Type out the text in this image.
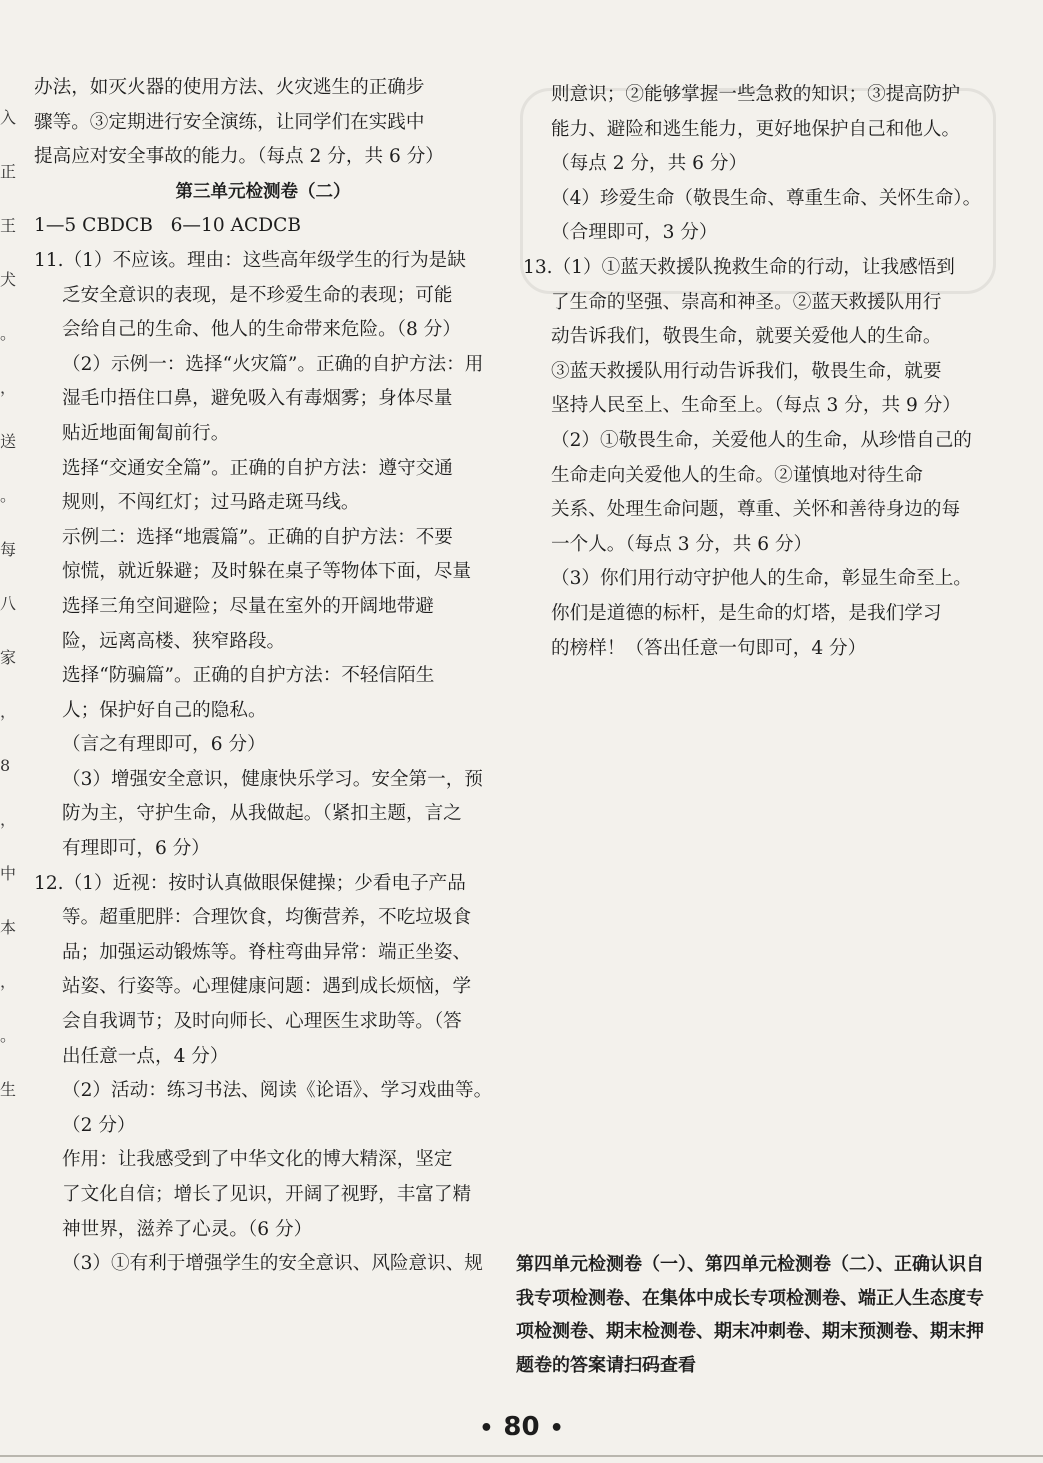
入
正
王
犬
。
，
送
。
每
八
家
，
8
，
中
本
，
。
生
办法，如灭火器的使用方法、火灾逃生的正确步
骤等。③定期进行安全演练，让同学们在实践中
提高应对安全事故的能力。（每点 2 分，共 6 分）
第三单元检测卷（二）
1—5 CBDCB   6—10 ACDCB
11.（1）不应该。理由：这些高年级学生的行为是缺
乏安全意识的表现，是不珍爱生命的表现；可能
会给自己的生命、他人的生命带来危险。（8 分）
（2）示例一：选择“火灾篇”。正确的自护方法：用
湿毛巾捂住口鼻，避免吸入有毒烟雾；身体尽量
贴近地面匍匐前行。
选择“交通安全篇”。正确的自护方法：遵守交通
规则，不闯红灯；过马路走斑马线。
示例二：选择“地震篇”。正确的自护方法：不要
惊慌，就近躲避；及时躲在桌子等物体下面，尽量
选择三角空间避险；尽量在室外的开阔地带避
险，远离高楼、狭窄路段。
选择“防骗篇”。正确的自护方法：不轻信陌生
人；保护好自己的隐私。
（言之有理即可，6 分）
（3）增强安全意识，健康快乐学习。安全第一，预
防为主，守护生命，从我做起。（紧扣主题，言之
有理即可，6 分）
12.（1）近视：按时认真做眼保健操；少看电子产品
等。超重肥胖：合理饮食，均衡营养，不吃垃圾食
品；加强运动锻炼等。脊柱弯曲异常：端正坐姿、
站姿、行姿等。心理健康问题：遇到成长烦恼，学
会自我调节；及时向师长、心理医生求助等。（答
出任意一点，4 分）
（2）活动：练习书法、阅读《论语》、学习戏曲等。
（2 分）
作用：让我感受到了中华文化的博大精深，坚定
了文化自信；增长了见识，开阔了视野，丰富了精
神世界，滋养了心灵。（6 分）
（3）①有利于增强学生的安全意识、风险意识、规
则意识；②能够掌握一些急救的知识；③提高防护
能力、避险和逃生能力，更好地保护自己和他人。
（每点 2 分，共 6 分）
（4）珍爱生命（敬畏生命、尊重生命、关怀生命）。
（合理即可，3 分）
13.（1）①蓝天救援队挽救生命的行动，让我感悟到
了生命的坚强、崇高和神圣。②蓝天救援队用行
动告诉我们，敬畏生命，就要关爱他人的生命。
③蓝天救援队用行动告诉我们，敬畏生命，就要
坚持人民至上、生命至上。（每点 3 分，共 9 分）
（2）①敬畏生命，关爱他人的生命，从珍惜自己的
生命走向关爱他人的生命。②谨慎地对待生命
关系、处理生命问题，尊重、关怀和善待身边的每
一个人。（每点 3 分，共 6 分）
（3）你们用行动守护他人的生命，彰显生命至上。
你们是道德的标杆，是生命的灯塔，是我们学习
的榜样！（答出任意一句即可，4 分）
第四单元检测卷（一）、第四单元检测卷（二）、正确认识自我专项检测卷、在集体中成长专项检测卷、端正人生态度专项检测卷、期末检测卷、期末冲刺卷、期末预测卷、期末押题卷的答案请扫码查看
• 80 •
